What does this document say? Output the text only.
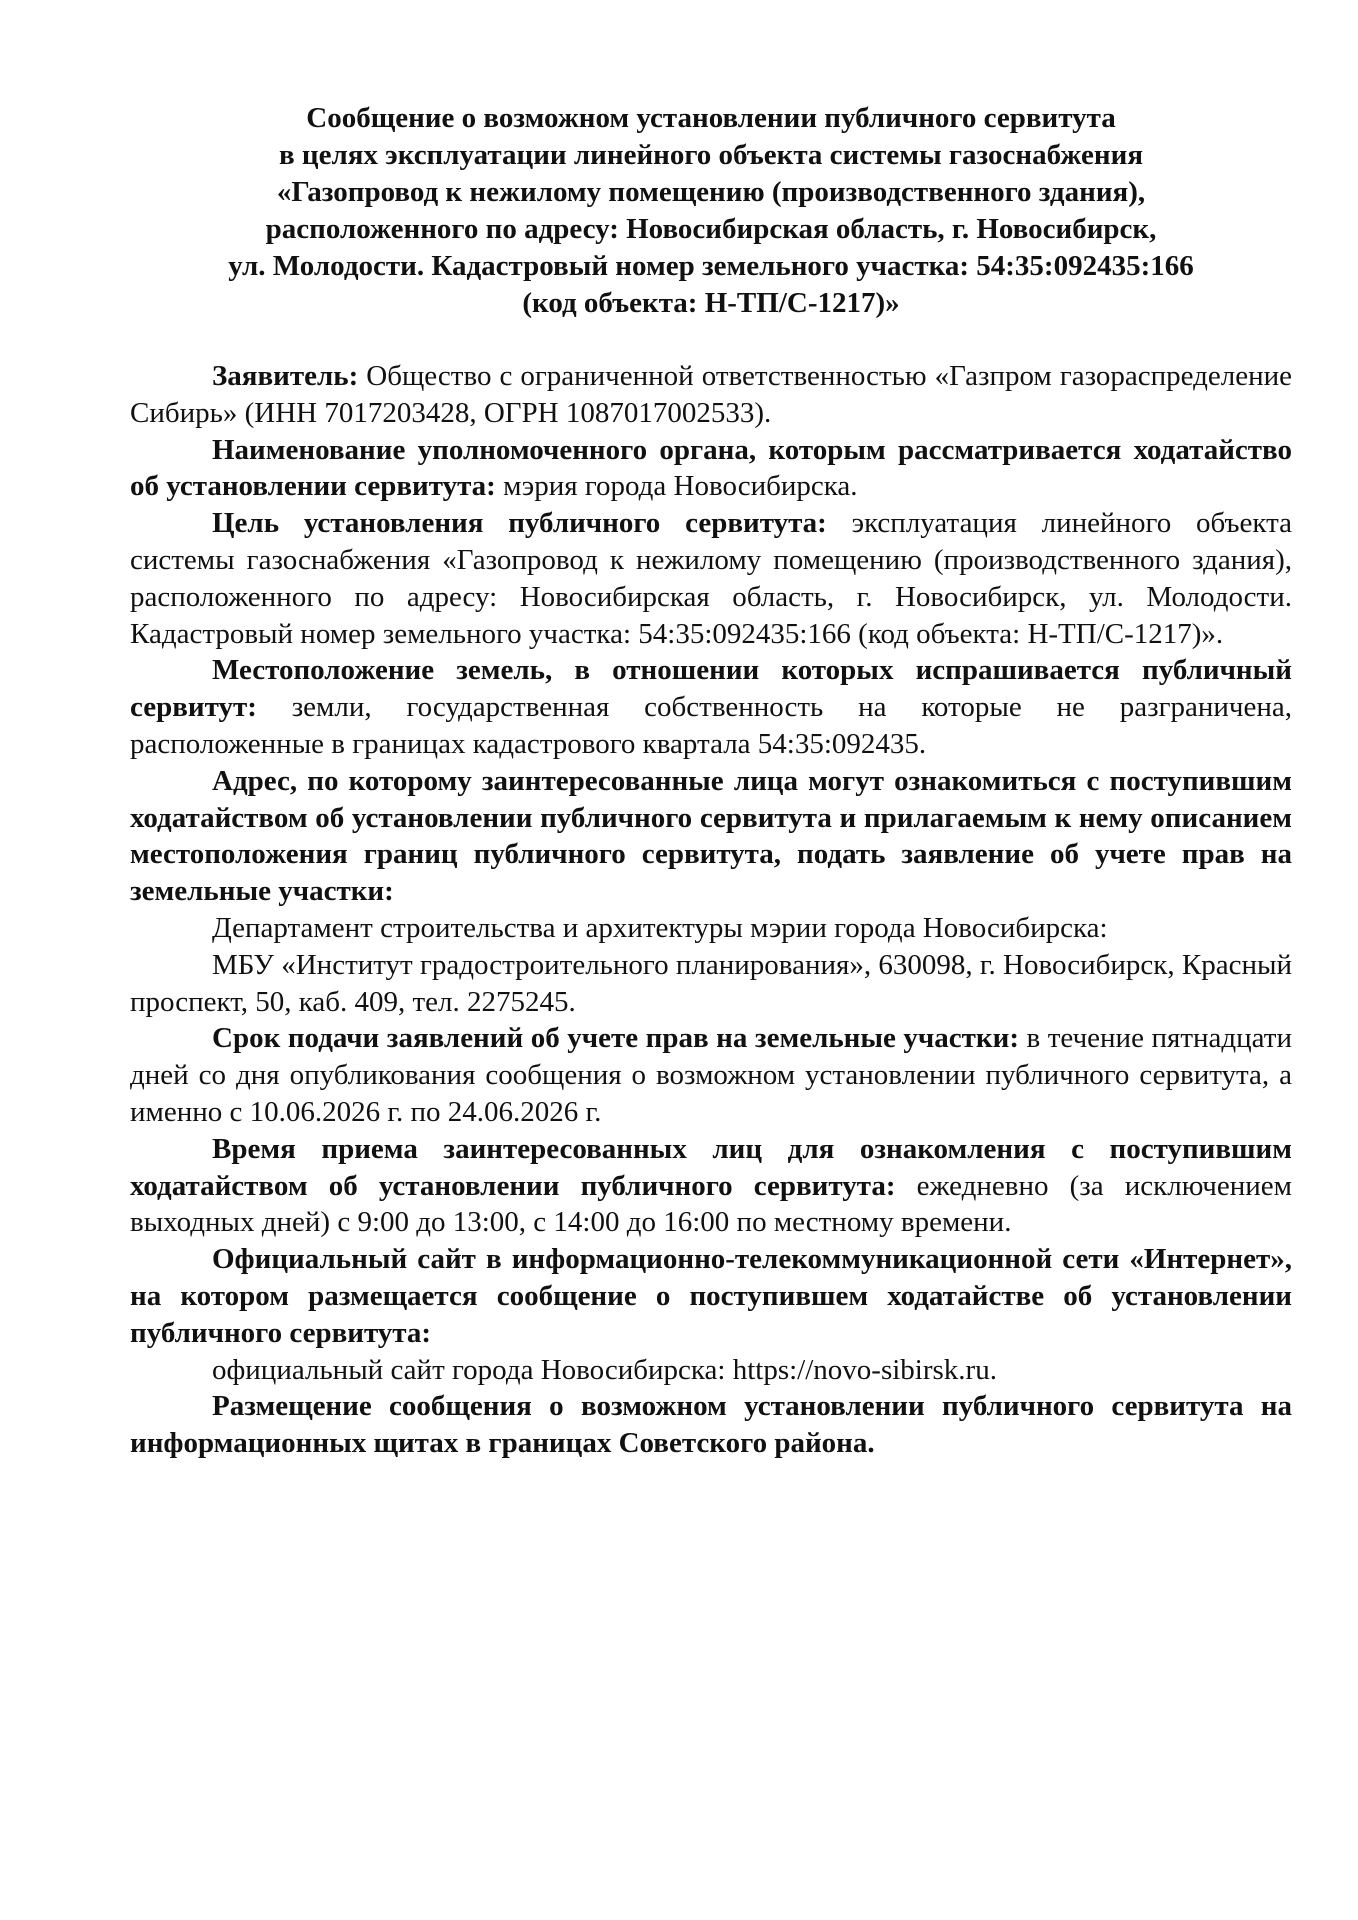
Сообщение о возможном установлении публичного сервитута
в целях эксплуатации линейного объекта системы газоснабжения
«Газопровод к нежилому помещению (производственного здания),
расположенного по адресу: Новосибирская область, г. Новосибирск,
ул. Молодости. Кадастровый номер земельного участка: 54:35:092435:166
(код объекта: Н-ТП/С-1217)»

Заявитель: Общество с ограниченной ответственностью «Газпром газораспределение Сибирь» (ИНН 7017203428, ОГРН 1087017002533).

Наименование уполномоченного органа, которым рассматривается ходатайство об установлении сервитута: мэрия города Новосибирска.

Цель установления публичного сервитута: эксплуатация линейного объекта системы газоснабжения «Газопровод к нежилому помещению (производственного здания), расположенного по адресу: Новосибирская область, г. Новосибирск, ул. Молодости. Кадастровый номер земельного участка: 54:35:092435:166 (код объекта: Н-ТП/С-1217)».

Местоположение земель, в отношении которых испрашивается публичный сервитут: земли, государственная собственность на которые не разграничена, расположенные в границах кадастрового квартала 54:35:092435.

Адрес, по которому заинтересованные лица могут ознакомиться с поступившим ходатайством об установлении публичного сервитута и прилагаемым к нему описанием местоположения границ публичного сервитута, подать заявление об учете прав на земельные участки:

Департамент строительства и архитектуры мэрии города Новосибирска:

МБУ «Институт градостроительного планирования», 630098, г. Новосибирск, Красный проспект, 50, каб. 409, тел. 2275245.

Срок подачи заявлений об учете прав на земельные участки: в течение пятнадцати дней со дня опубликования сообщения о возможном установлении публичного сервитута, а именно с 10.06.2026 г. по 24.06.2026 г.

Время приема заинтересованных лиц для ознакомления с поступившим ходатайством об установлении публичного сервитута: ежедневно (за исключением выходных дней) с 9:00 до 13:00, с 14:00 до 16:00 по местному времени.

Официальный сайт в информационно-телекоммуникационной сети «Интернет», на котором размещается сообщение о поступившем ходатайстве об установлении публичного сервитута:

официальный сайт города Новосибирска: https://novo-sibirsk.ru.

Размещение сообщения о возможном установлении публичного сервитута на информационных щитах в границах Советского района.
